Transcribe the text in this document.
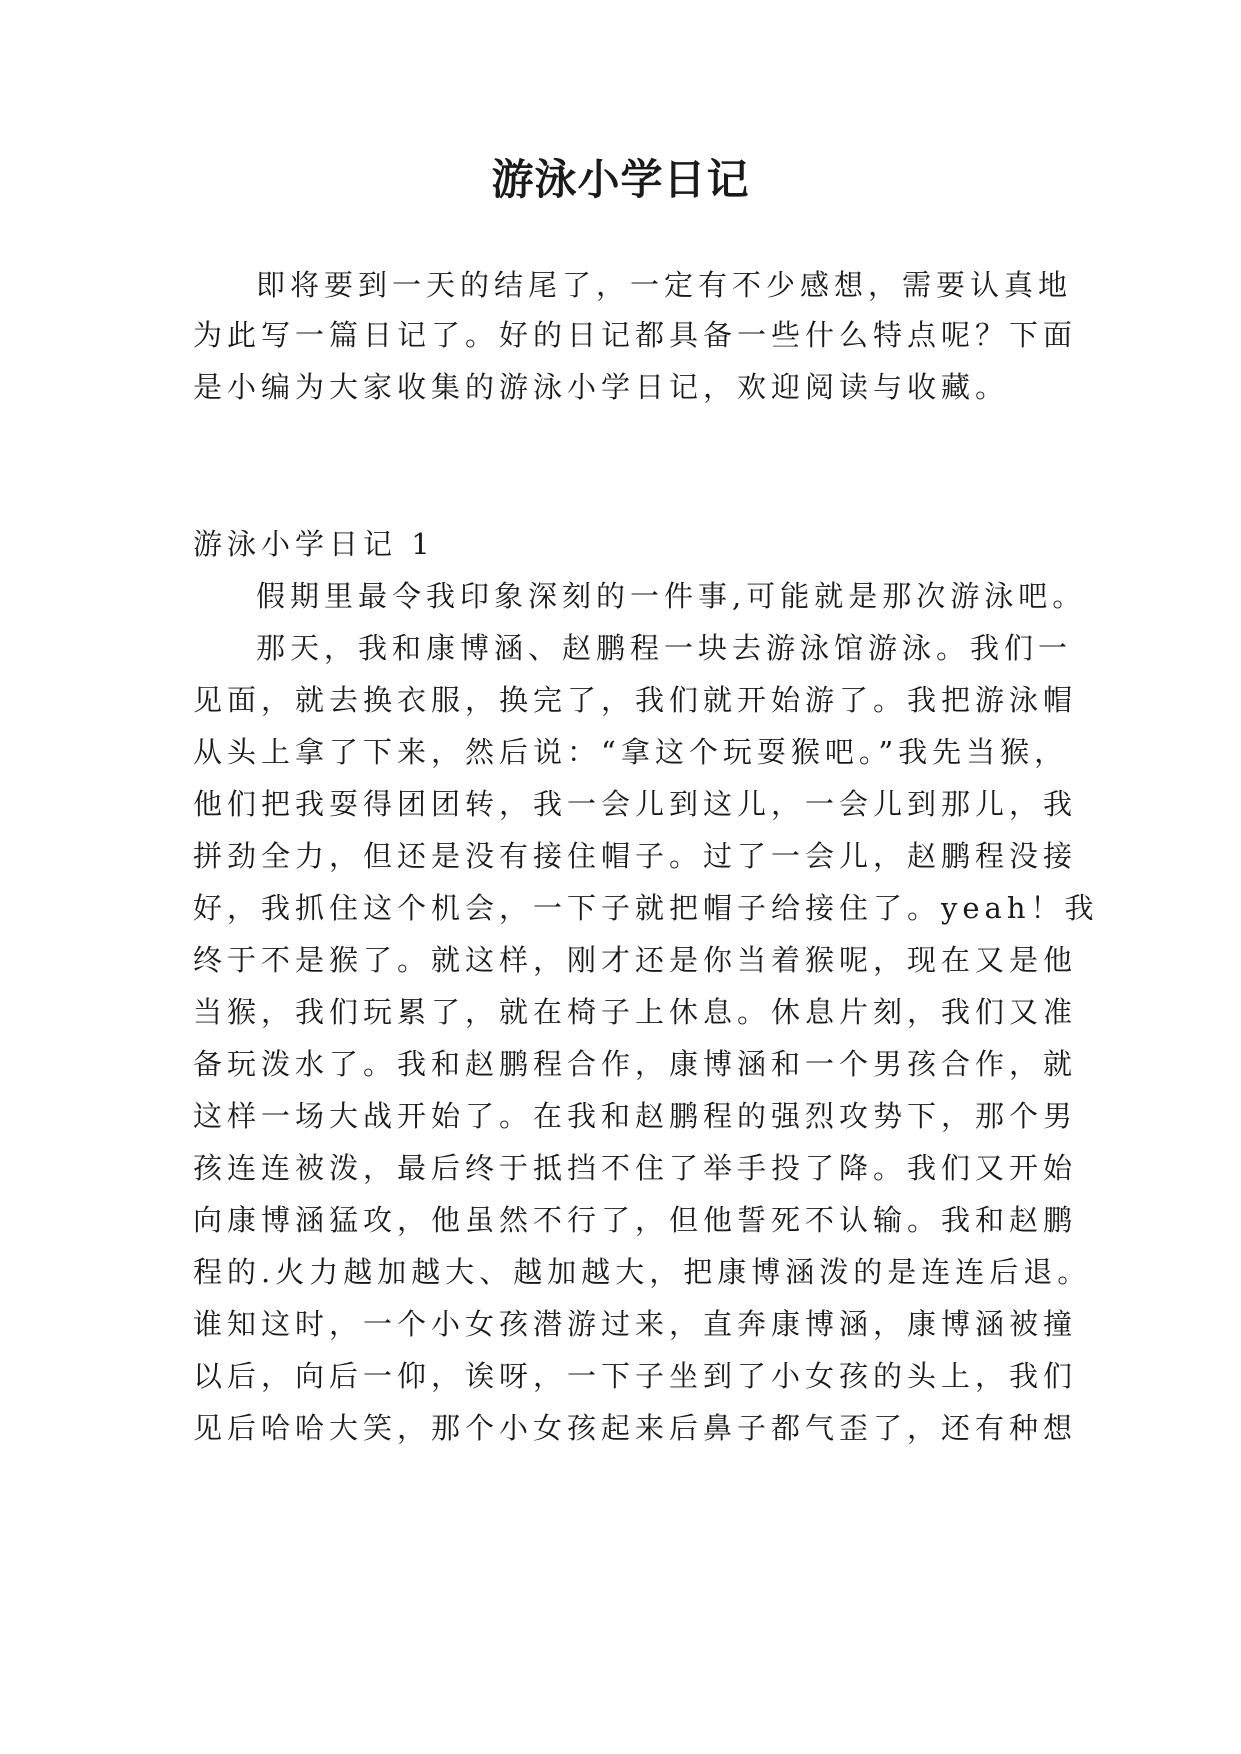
游泳小学日记
即将要到一天的结尾了，一定有不少感想，需要认真地
为此写一篇日记了。好的日记都具备一些什么特点呢？下面
是小编为大家收集的游泳小学日记，欢迎阅读与收藏。
游泳小学日记 1
假期里最令我印象深刻的一件事,可能就是那次游泳吧。
那天，我和康博涵、赵鹏程一块去游泳馆游泳。我们一
见面，就去换衣服，换完了，我们就开始游了。我把游泳帽
从头上拿了下来，然后说：“拿这个玩耍猴吧。”我先当猴，
他们把我耍得团团转，我一会儿到这儿，一会儿到那儿，我
拼劲全力，但还是没有接住帽子。过了一会儿，赵鹏程没接
好，我抓住这个机会，一下子就把帽子给接住了。yeah！我
终于不是猴了。就这样，刚才还是你当着猴呢，现在又是他
当猴，我们玩累了，就在椅子上休息。休息片刻，我们又准
备玩泼水了。我和赵鹏程合作，康博涵和一个男孩合作，就
这样一场大战开始了。在我和赵鹏程的强烈攻势下，那个男
孩连连被泼，最后终于抵挡不住了举手投了降。我们又开始
向康博涵猛攻，他虽然不行了，但他誓死不认输。我和赵鹏
程的.火力越加越大、越加越大，把康博涵泼的是连连后退。
谁知这时，一个小女孩潜游过来，直奔康博涵，康博涵被撞
以后，向后一仰，诶呀，一下子坐到了小女孩的头上，我们
见后哈哈大笑，那个小女孩起来后鼻子都气歪了，还有种想
